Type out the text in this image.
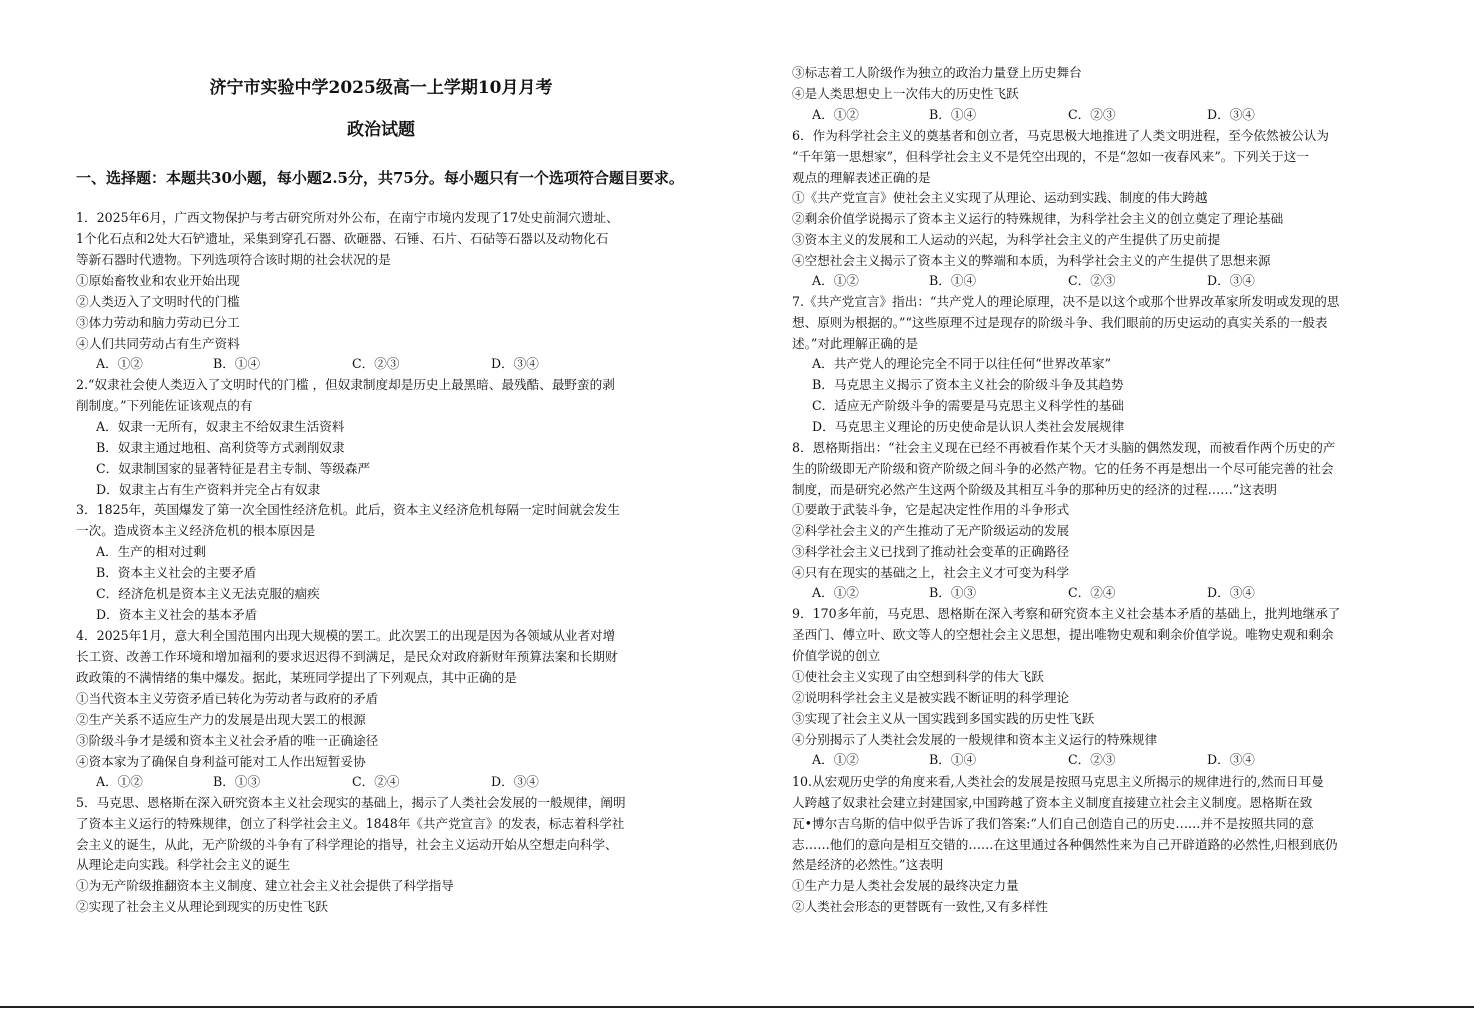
济宁市实验中学2025级高一上学期10月月考
政治试题
一、选择题：本题共30小题，每小题2.5分，共75分。每小题只有一个选项符合题目要求。
1．2025年6月，广西文物保护与考古研究所对外公布，在南宁市境内发现了17处史前洞穴遗址、
1个化石点和2处大石铲遗址，采集到穿孔石器、砍砸器、石锤、石片、石砧等石器以及动物化石
等新石器时代遗物。下列选项符合该时期的社会状况的是
①原始畜牧业和农业开始出现
②人类迈入了文明时代的门槛
③体力劳动和脑力劳动已分工
④人们共同劳动占有生产资料
2.“奴隶社会使人类迈入了文明时代的门槛 ，但奴隶制度却是历史上最黑暗、最残酷、最野蛮的剥
削制度。”下列能佐证该观点的有
A．奴隶一无所有，奴隶主不给奴隶生活资料
B．奴隶主通过地租、高利贷等方式剥削奴隶
C．奴隶制国家的显著特征是君主专制、等级森严
D．奴隶主占有生产资料并完全占有奴隶
3．1825年，英国爆发了第一次全国性经济危机。此后，资本主义经济危机每隔一定时间就会发生
一次。造成资本主义经济危机的根本原因是
A．生产的相对过剩
B．资本主义社会的主要矛盾
C．经济危机是资本主义无法克服的痼疾
D．资本主义社会的基本矛盾
4．2025年1月，意大利全国范围内出现大规模的罢工。此次罢工的出现是因为各领域从业者对增
长工资、改善工作环境和增加福利的要求迟迟得不到满足，是民众对政府新财年预算法案和长期财
政政策的不满情绪的集中爆发。据此，某班同学提出了下列观点，其中正确的是
①当代资本主义劳资矛盾已转化为劳动者与政府的矛盾
②生产关系不适应生产力的发展是出现大罢工的根源
③阶级斗争才是缓和资本主义社会矛盾的唯一正确途径
④资本家为了确保自身利益可能对工人作出短暂妥协
5．马克思、恩格斯在深入研究资本主义社会现实的基础上，揭示了人类社会发展的一般规律，阐明
了资本主义运行的特殊规律，创立了科学社会主义。1848年《共产党宣言》的发表，标志着科学社
会主义的诞生，从此，无产阶级的斗争有了科学理论的指导，社会主义运动开始从空想走向科学、
从理论走向实践。科学社会主义的诞生
①为无产阶级推翻资本主义制度、建立社会主义社会提供了科学指导
②实现了社会主义从理论到现实的历史性飞跃
A．①②	B．①④	C．②③	D．③④
A．①②	B．①③	C．②④	D．③④
③标志着工人阶级作为独立的政治力量登上历史舞台
④是人类思想史上一次伟大的历史性飞跃
6．作为科学社会主义的奠基者和创立者，马克思极大地推进了人类文明进程，至今依然被公认为
“千年第一思想家”，但科学社会主义不是凭空出现的，不是“忽如一夜春风来”。下列关于这一
观点的理解表述正确的是
①《共产党宣言》使社会主义实现了从理论、运动到实践、制度的伟大跨越
②剩余价值学说揭示了资本主义运行的特殊规律，为科学社会主义的创立奠定了理论基础
③资本主义的发展和工人运动的兴起，为科学社会主义的产生提供了历史前提
④空想社会主义揭示了资本主义的弊端和本质，为科学社会主义的产生提供了思想来源
7.《共产党宣言》指出：“共产党人的理论原理，决不是以这个或那个世界改革家所发明或发现的思
想、原则为根据的。”“这些原理不过是现存的阶级斗争、我们眼前的历史运动的真实关系的一般表
述。”对此理解正确的是
A．共产党人的理论完全不同于以往任何“世界改革家”
B．马克思主义揭示了资本主义社会的阶级斗争及其趋势
C．适应无产阶级斗争的需要是马克思主义科学性的基础
D．马克思主义理论的历史使命是认识人类社会发展规律
8．恩格斯指出：“社会主义现在已经不再被看作某个天才头脑的偶然发现，而被看作两个历史的产
生的阶级即无产阶级和资产阶级之间斗争的必然产物。它的任务不再是想出一个尽可能完善的社会
制度，而是研究必然产生这两个阶级及其相互斗争的那种历史的经济的过程……”这表明
①要敢于武装斗争，它是起决定性作用的斗争形式
②科学社会主义的产生推动了无产阶级运动的发展
③科学社会主义已找到了推动社会变革的正确路径
④只有在现实的基础之上，社会主义才可变为科学
9．170多年前，马克思、恩格斯在深入考察和研究资本主义社会基本矛盾的基础上，批判地继承了
圣西门、傅立叶、欧文等人的空想社会主义思想，提出唯物史观和剩余价值学说。唯物史观和剩余
价值学说的创立
①使社会主义实现了由空想到科学的伟大飞跃
②说明科学社会主义是被实践不断证明的科学理论
③实现了社会主义从一国实践到多国实践的历史性飞跃
④分别揭示了人类社会发展的一般规律和资本主义运行的特殊规律
10.从宏观历史学的角度来看,人类社会的发展是按照马克思主义所揭示的规律进行的,然而日耳曼
人跨越了奴隶社会建立封建国家,中国跨越了资本主义制度直接建立社会主义制度。恩格斯在致
瓦•博尔吉乌斯的信中似乎告诉了我们答案:“人们自己创造自己的历史……并不是按照共同的意
志……他们的意向是相互交错的……在这里通过各种偶然性来为自己开辟道路的必然性,归根到底仍
然是经济的必然性。”这表明
①生产力是人类社会发展的最终决定力量
②人类社会形态的更替既有一致性,又有多样性
A．①②	B．①④	C．②③	D．③④
A．①②	B．①④	C．②③	D．③④
A．①②	B．①③	C．②④	D．③④
A．①②	B．①④	C．②③	D．③④
